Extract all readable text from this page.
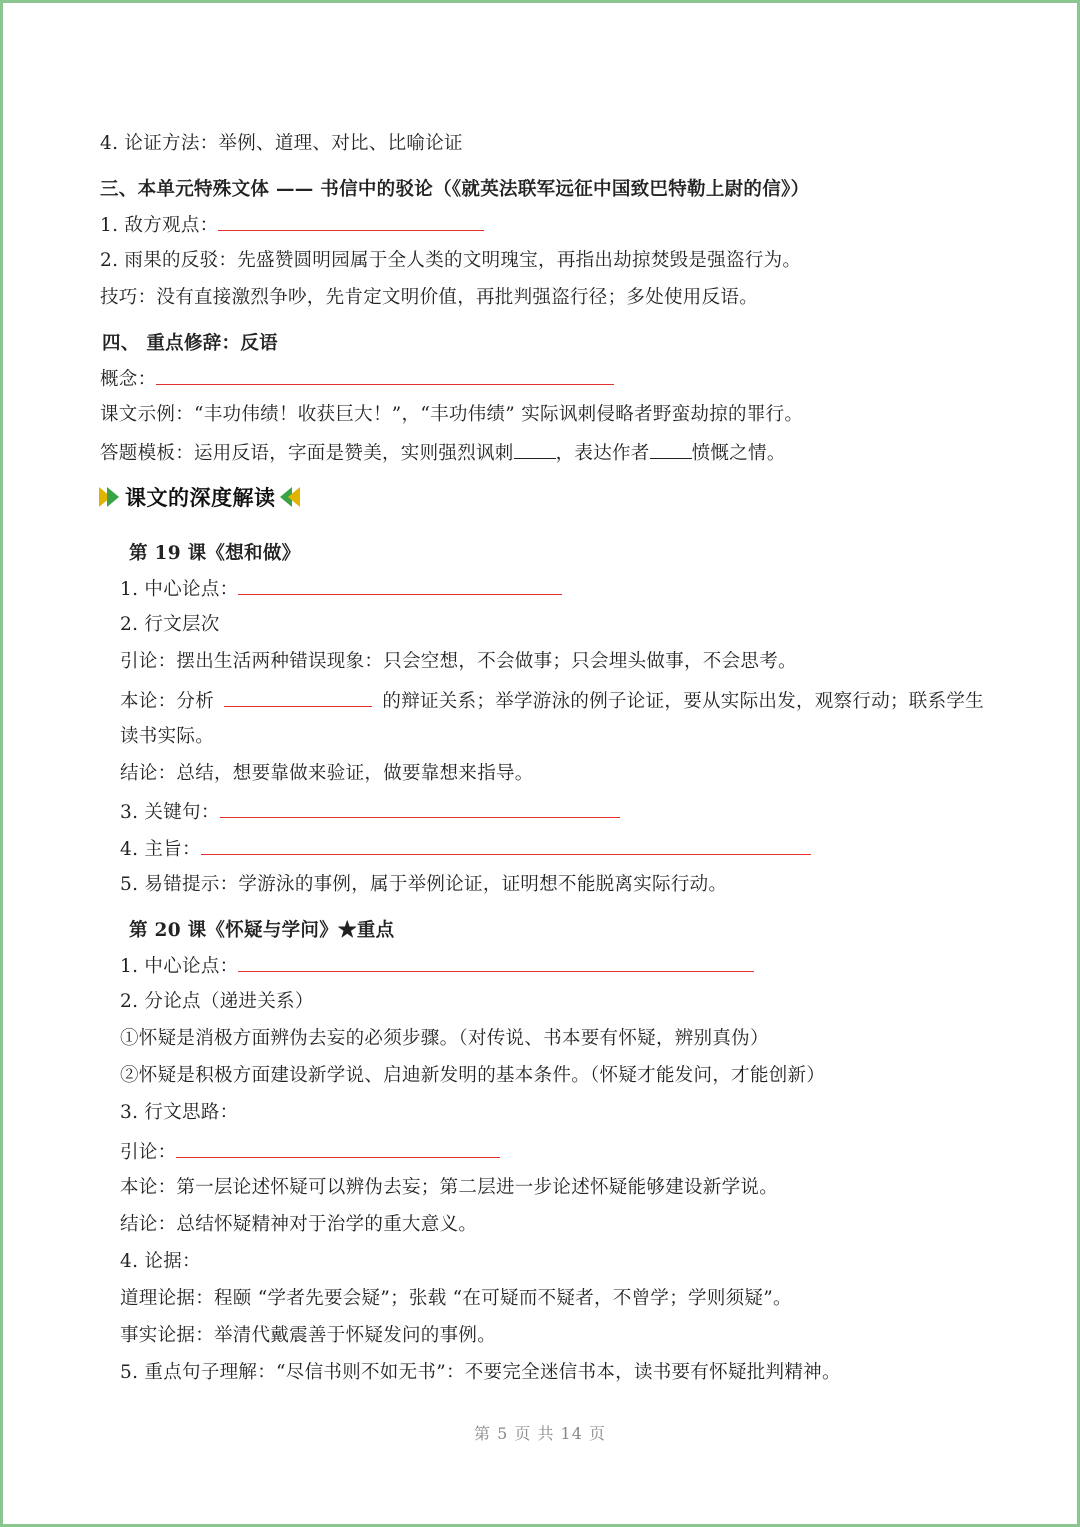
4. 论证方法：举例、道理、对比、比喻论证
三、本单元特殊文体 —— 书信中的驳论（《就英法联军远征中国致巴特勒上尉的信》）
1. 敌方观点：
2. 雨果的反驳：先盛赞圆明园属于全人类的文明瑰宝，再指出劫掠焚毁是强盗行为。
技巧：没有直接激烈争吵，先肯定文明价值，再批判强盗行径；多处使用反语。
四、 重点修辞：反语
概念：
课文示例：“丰功伟绩！收获巨大！”，“丰功伟绩” 实际讽刺侵略者野蛮劫掠的罪行。
答题模板：运用反语，字面是赞美，实则强烈讽刺 ，表达作者 愤慨之情。
课文的深度解读
第 19 课《想和做》
1. 中心论点：
2. 行文层次
引论：摆出生活两种错误现象：只会空想，不会做事；只会埋头做事，不会思考。
本论：分析	的辩证关系；举学游泳的例子论证，要从实际出发，观察行动；联系学生
读书实际。
结论：总结，想要靠做来验证，做要靠想来指导。
3. 关键句：
4. 主旨：
5. 易错提示：学游泳的事例，属于举例论证，证明想不能脱离实际行动。
第 20 课《怀疑与学问》★重点
1. 中心论点：
2. 分论点（递进关系）
①怀疑是消极方面辨伪去妄的必须步骤。（对传说、书本要有怀疑，辨别真伪）
②怀疑是积极方面建设新学说、启迪新发明的基本条件。（怀疑才能发问，才能创新）
3. 行文思路：
引论：
本论：第一层论述怀疑可以辨伪去妄；第二层进一步论述怀疑能够建设新学说。
结论：总结怀疑精神对于治学的重大意义。
4. 论据：
道理论据：程颐 “学者先要会疑”；张载 “在可疑而不疑者，不曾学；学则须疑”。
事实论据：举清代戴震善于怀疑发问的事例。
5. 重点句子理解：“尽信书则不如无书”：不要完全迷信书本，读书要有怀疑批判精神。
第 5 页 共 14 页
